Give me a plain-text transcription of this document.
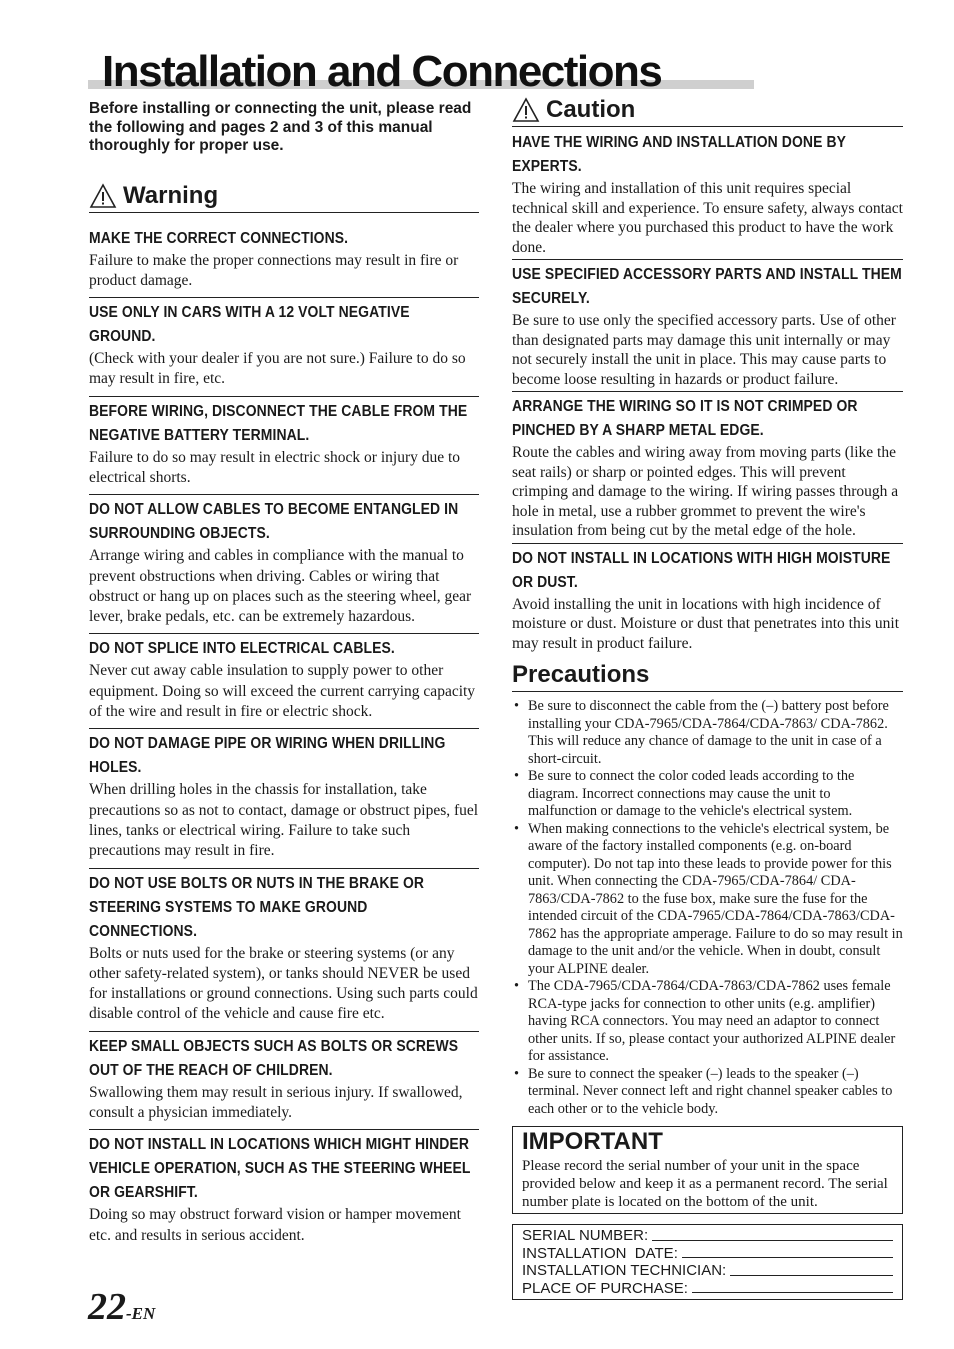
Installation and Connections

Before installing or connecting the unit, please read the following and pages 2 and 3 of this manual thoroughly for proper use.

Warning
MAKE THE CORRECT CONNECTIONS.
Failure to make the proper connections may result in fire or product damage.
USE ONLY IN CARS WITH A 12 VOLT NEGATIVE GROUND.
(Check with your dealer if you are not sure.) Failure to do so may result in fire, etc.
BEFORE WIRING, DISCONNECT THE CABLE FROM THE NEGATIVE BATTERY TERMINAL.
Failure to do so may result in electric shock or injury due to electrical shorts.
DO NOT ALLOW CABLES TO BECOME ENTANGLED IN SURROUNDING OBJECTS.
Arrange wiring and cables in compliance with the manual to prevent obstructions when driving. Cables or wiring that obstruct or hang up on places such as the steering wheel, gear lever, brake pedals, etc. can be extremely hazardous.
DO NOT SPLICE INTO ELECTRICAL CABLES.
Never cut away cable insulation to supply power to other equipment. Doing so will exceed the current carrying capacity of the wire and result in fire or electric shock.
DO NOT DAMAGE PIPE OR WIRING WHEN DRILLING HOLES.
When drilling holes in the chassis for installation, take precautions so as not to contact, damage or obstruct pipes, fuel lines, tanks or electrical wiring. Failure to take such precautions may result in fire.
DO NOT USE BOLTS OR NUTS IN THE BRAKE OR STEERING SYSTEMS TO MAKE GROUND CONNECTIONS.
Bolts or nuts used for the brake or steering systems (or any other safety-related system), or tanks should NEVER be used for installations or ground connections. Using such parts could disable control of the vehicle and cause fire etc.
KEEP SMALL OBJECTS SUCH AS BOLTS OR SCREWS OUT OF THE REACH OF CHILDREN.
Swallowing them may result in serious injury. If swallowed, consult a physician immediately.
DO NOT INSTALL IN LOCATIONS WHICH MIGHT HINDER VEHICLE OPERATION, SUCH AS THE STEERING WHEEL OR GEARSHIFT.
Doing so may obstruct forward vision or hamper movement etc. and results in serious accident.
Caution
HAVE THE WIRING AND INSTALLATION DONE BY EXPERTS.
The wiring and installation of this unit requires special technical skill and experience. To ensure safety, always contact the dealer where you purchased this product to have the work done.
USE SPECIFIED ACCESSORY PARTS AND INSTALL THEM SECURELY.
Be sure to use only the specified accessory parts. Use of other than designated parts may damage this unit internally or may not securely install the unit in place. This may cause parts to become loose resulting in hazards or product failure.
ARRANGE THE WIRING SO IT IS NOT CRIMPED OR PINCHED BY A SHARP METAL EDGE.
Route the cables and wiring away from moving parts (like the seat rails) or sharp or pointed edges. This will prevent crimping and damage to the wiring. If wiring passes through a hole in metal, use a rubber grommet to prevent the wire's insulation from being cut by the metal edge of the hole.
DO NOT INSTALL IN LOCATIONS WITH HIGH MOISTURE OR DUST.
Avoid installing the unit in locations with high incidence of moisture or dust. Moisture or dust that penetrates into this unit may result in product failure.
Precautions
• Be sure to disconnect the cable from the (–) battery post before installing your CDA-7965/CDA-7864/CDA-7863/ CDA-7862. This will reduce any chance of damage to the unit in case of a short-circuit.
• Be sure to connect the color coded leads according to the diagram. Incorrect connections may cause the unit to malfunction or damage to the vehicle's electrical system.
• When making connections to the vehicle's electrical system, be aware of the factory installed components (e.g. on-board computer). Do not tap into these leads to provide power for this unit. When connecting the CDA-7965/CDA-7864/ CDA-7863/CDA-7862 to the fuse box, make sure the fuse for the intended circuit of the CDA-7965/CDA-7864/CDA-7863/CDA-7862 has the appropriate amperage. Failure to do so may result in damage to the unit and/or the vehicle. When in doubt, consult your ALPINE dealer.
• The CDA-7965/CDA-7864/CDA-7863/CDA-7862 uses female RCA-type jacks for connection to other units (e.g. amplifier) having RCA connectors. You may need an adaptor to connect other units. If so, please contact your authorized ALPINE dealer for assistance.
• Be sure to connect the speaker (–) leads to the speaker (–) terminal. Never connect left and right channel speaker cables to each other or to the vehicle body.
IMPORTANT
Please record the serial number of your unit in the space provided below and keep it as a permanent record. The serial number plate is located on the bottom of the unit.
SERIAL NUMBER:
INSTALLATION  DATE:
INSTALLATION TECHNICIAN:
PLACE OF PURCHASE:
22-EN
